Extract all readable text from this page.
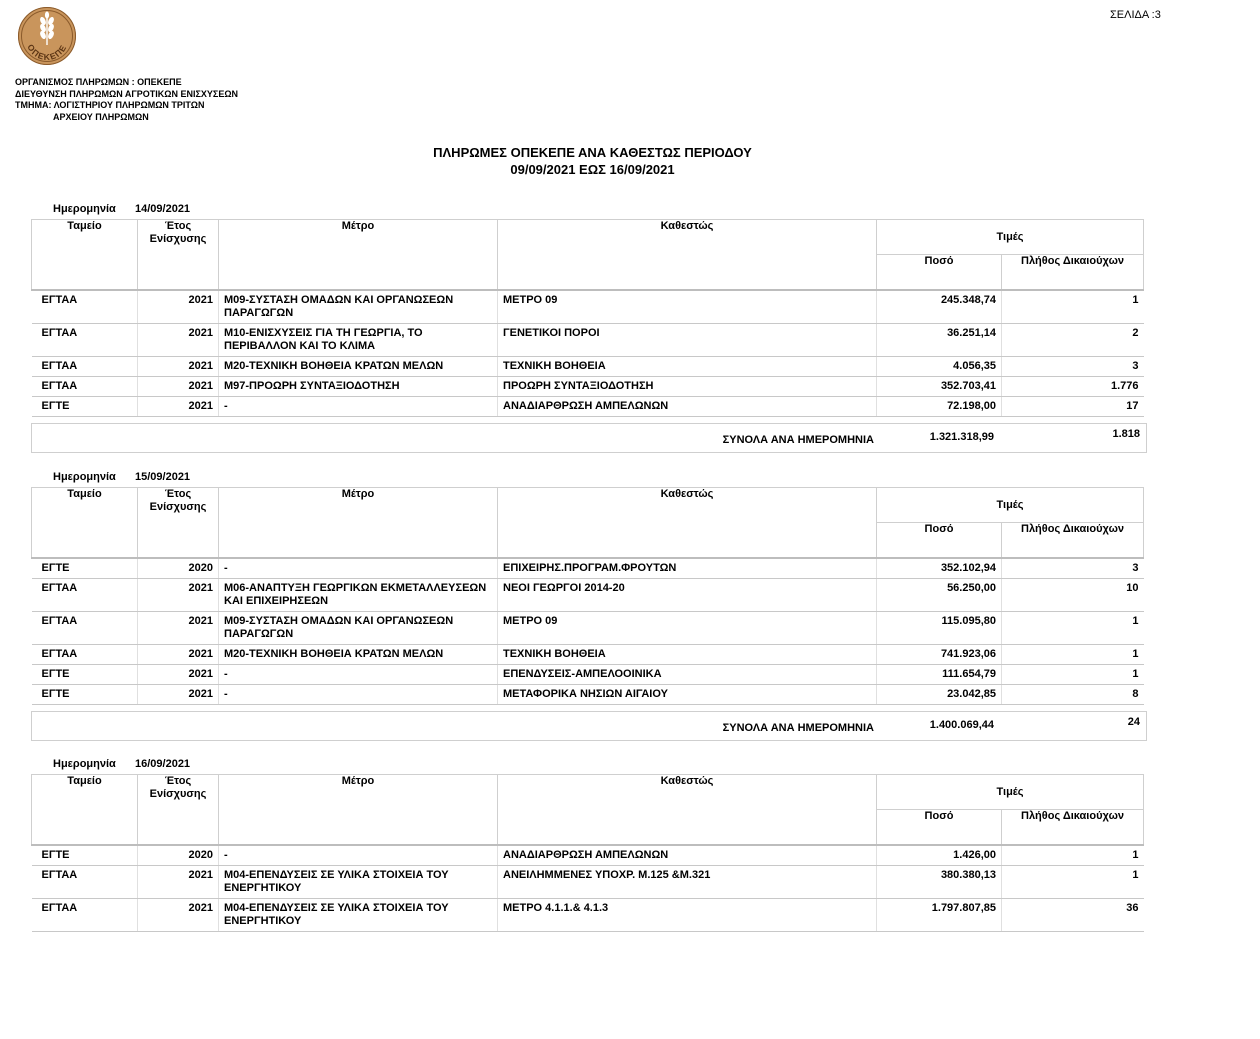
ΣΕΛΙΔΑ :3
ΟΠΕΚΕΠΕ
ΟΡΓΑΝΙΣΜΟΣ ΠΛΗΡΩΜΩΝ : ΟΠΕΚΕΠΕ
ΔΙΕΥΘΥΝΣΗ ΠΛΗΡΩΜΩΝ ΑΓΡΟΤΙΚΩΝ ΕΝΙΣΧΥΣΕΩΝ
ΤΜΗΜΑ: ΛΟΓΙΣΤΗΡΙΟΥ ΠΛΗΡΩΜΩΝ ΤΡΙΤΩΝ
ΑΡΧΕΙΟΥ ΠΛΗΡΩΜΩΝ
ΠΛΗΡΩΜΕΣ ΟΠΕΚΕΠΕ ΑΝΑ ΚΑΘΕΣΤΩΣ ΠΕΡΙΟΔΟΥ
09/09/2021 ΕΩΣ 16/09/2021
Ημερομηνία 14/09/2021
Ταμείο	Έτος Ενίσχυσης	Μέτρο	Καθεστώς	Τιμές	
				Ποσό	Πλήθος Δικαιούχων
ΕΓΤΑΑ	2021	Μ09-ΣΥΣΤΑΣΗ ΟΜΑΔΩΝ ΚΑΙ ΟΡΓΑΝΩΣΕΩΝ ΠΑΡΑΓΩΓΩΝ	ΜΕΤΡΟ 09	245.348,74	1
ΕΓΤΑΑ	2021	Μ10-ΕΝΙΣΧΥΣΕΙΣ ΓΙΑ ΤΗ ΓΕΩΡΓΙΑ, ΤΟ ΠΕΡΙΒΑΛΛΟΝ ΚΑΙ ΤΟ ΚΛΙΜΑ	ΓΕΝΕΤΙΚΟΙ ΠΟΡΟΙ	36.251,14	2
ΕΓΤΑΑ	2021	Μ20-ΤΕΧΝΙΚΗ ΒΟΗΘΕΙΑ ΚΡΑΤΩΝ ΜΕΛΩΝ	ΤΕΧΝΙΚΗ ΒΟΗΘΕΙΑ	4.056,35	3
ΕΓΤΑΑ	2021	Μ97-ΠΡΟΩΡΗ ΣΥΝΤΑΞΙΟΔΟΤΗΣΗ	ΠΡΟΩΡΗ ΣΥΝΤΑΞΙΟΔΟΤΗΣΗ	352.703,41	1.776
ΕΓΤΕ	2021	-	ΑΝΑΔΙΑΡΘΡΩΣΗ ΑΜΠΕΛΩΝΩΝ	72.198,00	17
ΣΥΝΟΛΑ ΑΝΑ ΗΜΕΡΟΜΗΝΙΑ	1.321.318,99	1.818
Ημερομηνία 15/09/2021
Ταμείο	Έτος Ενίσχυσης	Μέτρο	Καθεστώς	Τιμές	
				Ποσό	Πλήθος Δικαιούχων
ΕΓΤΕ	2020	-	ΕΠΙΧΕΙΡΗΣ.ΠΡΟΓΡΑΜ.ΦΡΟΥΤΩΝ	352.102,94	3
ΕΓΤΑΑ	2021	Μ06-ΑΝΑΠΤΥΞΗ ΓΕΩΡΓΙΚΩΝ ΕΚΜΕΤΑΛΛΕΥΣΕΩΝ ΚΑΙ ΕΠΙΧΕΙΡΗΣΕΩΝ	ΝΕΟΙ ΓΕΩΡΓΟΙ 2014-20	56.250,00	10
ΕΓΤΑΑ	2021	Μ09-ΣΥΣΤΑΣΗ ΟΜΑΔΩΝ ΚΑΙ ΟΡΓΑΝΩΣΕΩΝ ΠΑΡΑΓΩΓΩΝ	ΜΕΤΡΟ 09	115.095,80	1
ΕΓΤΑΑ	2021	Μ20-ΤΕΧΝΙΚΗ ΒΟΗΘΕΙΑ ΚΡΑΤΩΝ ΜΕΛΩΝ	ΤΕΧΝΙΚΗ ΒΟΗΘΕΙΑ	741.923,06	1
ΕΓΤΕ	2021	-	ΕΠΕΝΔΥΣΕΙΣ-ΑΜΠΕΛΟΟΙΝΙΚΑ	111.654,79	1
ΕΓΤΕ	2021	-	ΜΕΤΑΦΟΡΙΚΑ ΝΗΣΙΩΝ ΑΙΓΑΙΟΥ	23.042,85	8
ΣΥΝΟΛΑ ΑΝΑ ΗΜΕΡΟΜΗΝΙΑ	1.400.069,44	24
Ημερομηνία 16/09/2021
Ταμείο	Έτος Ενίσχυσης	Μέτρο	Καθεστώς	Τιμές	
				Ποσό	Πλήθος Δικαιούχων
ΕΓΤΕ	2020	-	ΑΝΑΔΙΑΡΘΡΩΣΗ ΑΜΠΕΛΩΝΩΝ	1.426,00	1
ΕΓΤΑΑ	2021	Μ04-ΕΠΕΝΔΥΣΕΙΣ ΣΕ ΥΛΙΚΑ ΣΤΟΙΧΕΙΑ ΤΟΥ ΕΝΕΡΓΗΤΙΚΟΥ	ΑΝΕΙΛΗΜΜΕΝΕΣ ΥΠΟΧΡ. Μ.125 &Μ.321	380.380,13	1
ΕΓΤΑΑ	2021	Μ04-ΕΠΕΝΔΥΣΕΙΣ ΣΕ ΥΛΙΚΑ ΣΤΟΙΧΕΙΑ ΤΟΥ ΕΝΕΡΓΗΤΙΚΟΥ	ΜΕΤΡΟ 4.1.1.& 4.1.3	1.797.807,85	36
